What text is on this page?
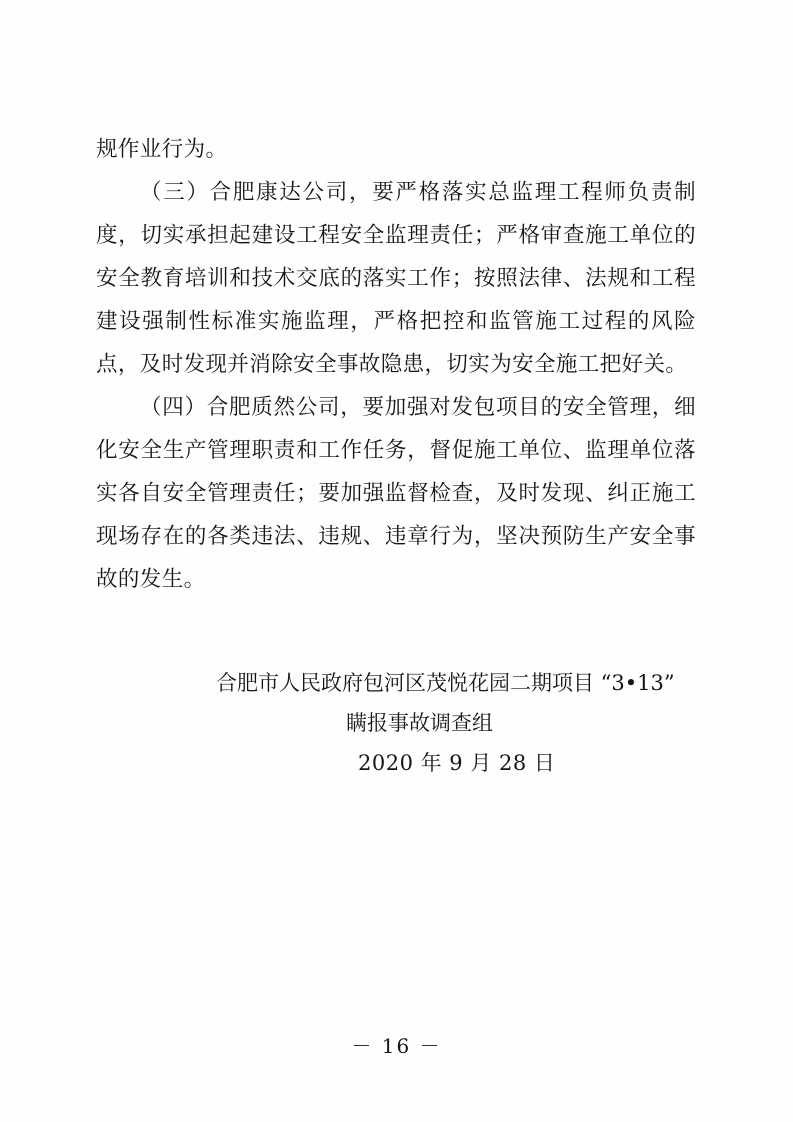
规作业行为。

（三）合肥康达公司，要严格落实总监理工程师负责制度，切实承担起建设工程安全监理责任；严格审查施工单位的安全教育培训和技术交底的落实工作；按照法律、法规和工程建设强制性标准实施监理，严格把控和监管施工过程的风险点，及时发现并消除安全事故隐患，切实为安全施工把好关。

（四）合肥质然公司，要加强对发包项目的安全管理，细化安全生产管理职责和工作任务，督促施工单位、监理单位落实各自安全管理责任；要加强监督检查，及时发现、纠正施工现场存在的各类违法、违规、违章行为，坚决预防生产安全事故的发生。

合肥市人民政府包河区茂悦花园二期项目 “3•13”
瞒报事故调查组
2020 年 9 月 28 日
－ 16 －
